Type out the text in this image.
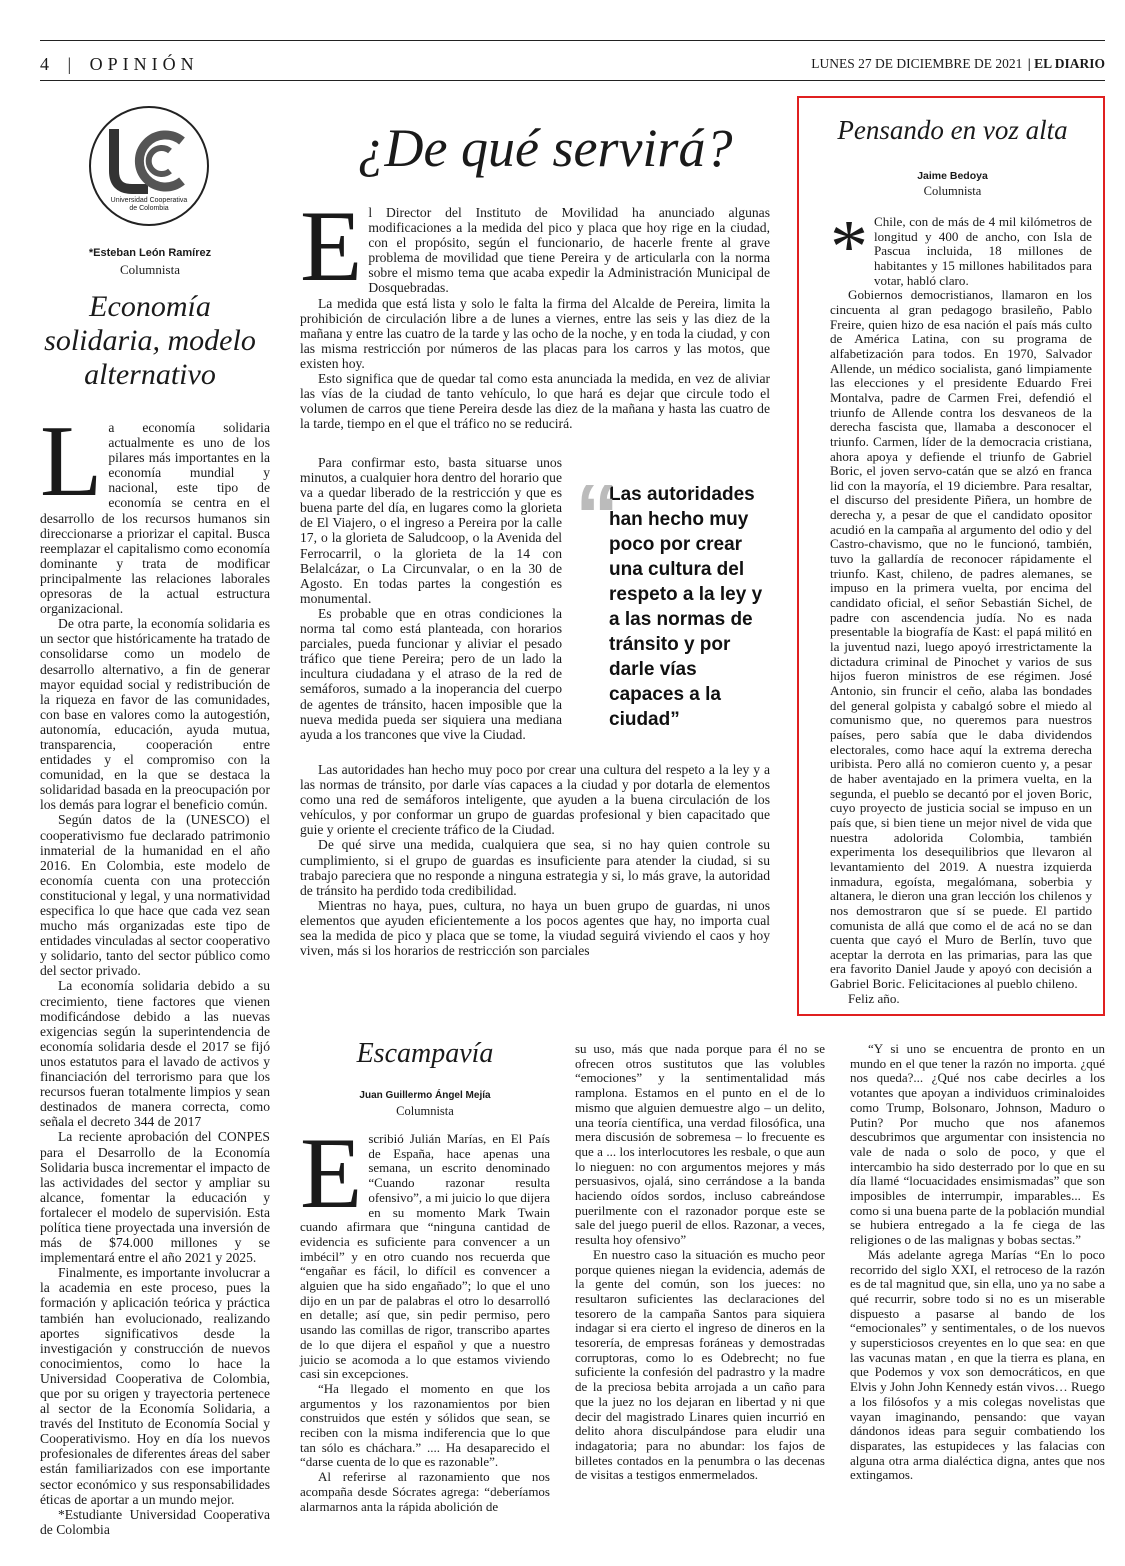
4 | OPINIÓN	LUNES 27 DE DICIEMBRE DE 2021 | EL DIARIO
Universidad Cooperativa
de Colombia
*Esteban León Ramírez
Columnista
Economía solidaria, modelo alternativo

La economía solidaria actualmente es uno de los pilares más importantes en la economía mundial y nacional, este tipo de economía se centra en el desarrollo de los recursos humanos sin direccionarse a priorizar el capital. Busca reemplazar el capitalismo como economía dominante y trata de modificar principalmente las relaciones laborales opresoras de la actual estructura organizacional.

De otra parte, la economía solidaria es un sector que históricamente ha tratado de consolidarse como un modelo de desarrollo alternativo, a fin de generar mayor equidad social y redistribución de la riqueza en favor de las comunidades, con base en valores como la autogestión, autonomía, educación, ayuda mutua, transparencia, cooperación entre entidades y el compromiso con la comunidad, en la que se destaca la solidaridad basada en la preocupación por los demás para lograr el beneficio común.

Según datos de la (UNESCO) el cooperativismo fue declarado patrimonio inmaterial de la humanidad en el año 2016. En Colombia, este modelo de economía cuenta con una protección constitucional y legal, y una normatividad especifica lo que hace que cada vez sean mucho más organizadas este tipo de entidades vinculadas al sector cooperativo y solidario, tanto del sector público como del sector privado.

La economía solidaria debido a su crecimiento, tiene factores que vienen modificándose debido a las nuevas exigencias según la superintendencia de economía solidaria desde el 2017 se fijó unos estatutos para el lavado de activos y financiación del terrorismo para que los recursos fueran totalmente limpios y sean destinados de manera correcta, como señala el decreto 344 de 2017

La reciente aprobación del CONPES para el Desarrollo de la Economía Solidaria busca incrementar el impacto de las actividades del sector y ampliar su alcance, fomentar la educación y fortalecer el modelo de supervisión. Esta política tiene proyectada una inversión de más de $74.000 millones y se implementará entre el año 2021 y 2025.

Finalmente, es importante involucrar a la academia en este proceso, pues la formación y aplicación teórica y práctica también han evolucionado, realizando aportes significativos desde la investigación y construcción de nuevos conocimientos, como lo hace la Universidad Cooperativa de Colombia, que por su origen y trayectoria pertenece al sector de la Economía Solidaria, a través del Instituto de Economía Social y Cooperativismo. Hoy en día los nuevos profesionales de diferentes áreas del saber están familiarizados con ese importante sector económico y sus responsabilidades éticas de aportar a un mundo mejor.

*Estudiante Universidad Cooperativa de Colombia

¿De qué servirá?

El Director del Instituto de Movilidad ha anunciado algunas modificaciones a la medida del pico y placa que hoy rige en la ciudad, con el propósito, según el funcionario, de hacerle frente al grave problema de movilidad que tiene Pereira y de articularla con la norma sobre el mismo tema que acaba expedir la Administración Municipal de Dosquebradas.

La medida que está lista y solo le falta la firma del Alcalde de Pereira, limita la prohibición de circulación libre a de lunes a viernes, entre las seis y las diez de la mañana y entre las cuatro de la tarde y las ocho de la noche, y en toda la ciudad, y con las misma restricción por números de las placas para los carros y las motos, que existen hoy.

Esto significa que de quedar tal como esta anunciada la medida, en vez de aliviar las vías de la ciudad de tanto vehículo, lo que hará es dejar que circule todo el volumen de carros que tiene Pereira desde las diez de la mañana y hasta las cuatro de la tarde, tiempo en el que el tráfico no se reducirá.

Para confirmar esto, basta situarse unos minutos, a cualquier hora dentro del horario que va a quedar liberado de la restricción y que es buena parte del día, en lugares como la glorieta de El Viajero, o el ingreso a Pereira por la calle 17, o la glorieta de Saludcoop, o la Avenida del Ferrocarril, o la glorieta de la 14 con Belalcázar, o La Circunvalar, o en la 30 de Agosto. En todas partes la congestión es monumental.

Es probable que en otras condiciones la norma tal como está planteada, con horarios parciales, pueda funcionar y aliviar el pesado tráfico que tiene Pereira; pero de un lado la incultura ciudadana y el atraso de la red de semáforos, sumado a la inoperancia del cuerpo de agentes de tránsito, hacen imposible que la nueva medida pueda ser siquiera una mediana ayuda a los trancones que vive la Ciudad.

“
Las autoridades han hecho muy poco por crear una cultura del respeto a la ley y a las normas de tránsito y por darle vías capaces a la ciudad”

Las autoridades han hecho muy poco por crear una cultura del respeto a la ley y a las normas de tránsito, por darle vías capaces a la ciudad y por dotarla de elementos como una red de semáforos inteligente, que ayuden a la buena circulación de los vehículos, y por conformar un grupo de guardas profesional y bien capacitado que guie y oriente el creciente tráfico de la Ciudad.

De qué sirve una medida, cualquiera que sea, si no hay quien controle su cumplimiento, si el grupo de guardas es insuficiente para atender la ciudad, si su trabajo pareciera que no responde a ninguna estrategia y si, lo más grave, la autoridad de tránsito ha perdido toda credibilidad.

Mientras no haya, pues, cultura, no haya un buen grupo de guardas, ni unos elementos que ayuden eficientemente a los pocos agentes que hay, no importa cual sea la medida de pico y placa que se tome, la viudad seguirá viviendo el caos y hoy viven, más si los horarios de restricción son parciales

Pensando en voz alta
Jaime Bedoya
Columnista

* Chile, con de más de 4 mil kilómetros de longitud y 400 de ancho, con Isla de Pascua incluida, 18 millones de habitantes y 15 millones habilitados para votar, habló claro.

Gobiernos democristianos, llamaron en los cincuenta al gran pedagogo brasileño, Pablo Freire, quien hizo de esa nación el país más culto de América Latina, con su programa de alfabetización para todos. En 1970, Salvador Allende, un médico socialista, ganó limpiamente las elecciones y el presidente Eduardo Frei Montalva, padre de Carmen Frei, defendió el triunfo de Allende contra los desvaneos de la derecha fascista que, llamaba a desconocer el triunfo. Carmen, líder de la democracia cristiana, ahora apoya y defiende el triunfo de Gabriel Boric, el joven servo-catán que se alzó en franca lid con la mayoría, el 19 diciembre. Para resaltar, el discurso del presidente Piñera, un hombre de derecha y, a pesar de que el candidato opositor acudió en la campaña al argumento del odio y del Castro-chavismo, que no le funcionó, también, tuvo la gallardía de reconocer rápidamente el triunfo. Kast, chileno, de padres alemanes, se impuso en la primera vuelta, por encima del candidato oficial, el señor Sebastián Sichel, de padre con ascendencia judía. No es nada presentable la biografía de Kast: el papá militó en la juventud nazi, luego apoyó irrestrictamente la dictadura criminal de Pinochet y varios de sus hijos fueron ministros de ese régimen. José Antonio, sin fruncir el ceño, alaba las bondades del general golpista y cabalgó sobre el miedo al comunismo que, no queremos para nuestros países, pero sabía que le daba dividendos electorales, como hace aquí la extrema derecha uribista. Pero allá no comieron cuento y, a pesar de haber aventajado en la primera vuelta, en la segunda, el pueblo se decantó por el joven Boric, cuyo proyecto de justicia social se impuso en un país que, si bien tiene un mejor nivel de vida que nuestra adolorida Colombia, también experimenta los desequilibrios que llevaron al levantamiento del 2019. A nuestra izquierda inmadura, egoísta, megalómana, soberbia y altanera, le dieron una gran lección los chilenos y nos demostraron que sí se puede. El partido comunista de allá que como el de acá no se dan cuenta que cayó el Muro de Berlín, tuvo que aceptar la derrota en las primarias, para las que era favorito Daniel Jaude y apoyó con decisión a Gabriel Boric. Felicitaciones al pueblo chileno.

Feliz año.

Escampavía
Juan Guillermo Ángel Mejía
Columnista

Escribió Julián Marías, en El País de España, hace apenas una semana, un escrito denominado “Cuando razonar resulta ofensivo”, a mi juicio lo que dijera en su momento Mark Twain cuando afirmara que “ninguna cantidad de evidencia es suficiente para convencer a un imbécil” y en otro cuando nos recuerda que “engañar es fácil, lo difícil es convencer a alguien que ha sido engañado”; lo que el uno dijo en un par de palabras el otro lo desarrolló en detalle; así que, sin pedir permiso, pero usando las comillas de rigor, transcribo apartes de lo que dijera el español y que a nuestro juicio se acomoda a lo que estamos viviendo casi sin excepciones.

“Ha llegado el momento en que los argumentos y los razonamientos por bien construidos que estén y sólidos que sean, se reciben con la misma indiferencia que lo que tan sólo es cháchara.” .... Ha desaparecido el “darse cuenta de lo que es razonable”.

Al referirse al razonamiento que nos acompaña desde Sócrates agrega: “deberíamos alarmarnos anta la rápida abolición de

su uso, más que nada porque para él no se ofrecen otros sustitutos que las volubles “emociones” y la sentimentalidad más ramplona. Estamos en el punto en el de lo mismo que alguien demuestre algo – un delito, una teoría científica, una verdad filosófica, una mera discusión de sobremesa – lo frecuente es que a ... los interlocutores les resbale, o que aun lo nieguen: no con argumentos mejores y más persuasivos, ojalá, sino cerrándose a la banda haciendo oídos sordos, incluso cabreándose puerilmente con el razonador porque este se sale del juego pueril de ellos. Razonar, a veces, resulta hoy ofensivo”

En nuestro caso la situación es mucho peor porque quienes niegan la evidencia, además de la gente del común, son los jueces: no resultaron suficientes las declaraciones del tesorero de la campaña Santos para siquiera indagar si era cierto el ingreso de dineros en la tesorería, de empresas foráneas y demostradas corruptoras, como lo es Odebrecht; no fue suficiente la confesión del padrastro y la madre de la preciosa bebita arrojada a un caño para que la juez no los dejaran en libertad y ni que decir del magistrado Linares quien incurrió en delito ahora disculpándose para eludir una indagatoria; para no abundar: los fajos de billetes contados en la penumbra o las decenas de visitas a testigos enmermelados.

“Y si uno se encuentra de pronto en un mundo en el que tener la razón no importa. ¿qué nos queda?... ¿Qué nos cabe decirles a los votantes que apoyan a individuos criminaloides como Trump, Bolsonaro, Johnson, Maduro o Putin? Por mucho que nos afanemos descubrimos que argumentar con insistencia no vale de nada o solo de poco, y que el intercambio ha sido desterrado por lo que en su día llamé “locuacidades ensimismadas” que son imposibles de interrumpir, imparables... Es como si una buena parte de la población mundial se hubiera entregado a la fe ciega de las religiones o de las malignas y bobas sectas.”

Más adelante agrega Marías “En lo poco recorrido del siglo XXI, el retroceso de la razón es de tal magnitud que, sin ella, uno ya no sabe a qué recurrir, sobre todo si no es un miserable dispuesto a pasarse al bando de los “emocionales” y sentimentales, o de los nuevos y supersticiosos creyentes en lo que sea: en que las vacunas matan , en que la tierra es plana, en que Podemos y vox son democráticos, en que Elvis y John John Kennedy están vivos… Ruego a los filósofos y a mis colegas novelistas que vayan imaginando, pensando: que vayan dándonos ideas para seguir combatiendo los disparates, las estupideces y las falacias con alguna otra arma dialéctica digna, antes que nos extingamos.
